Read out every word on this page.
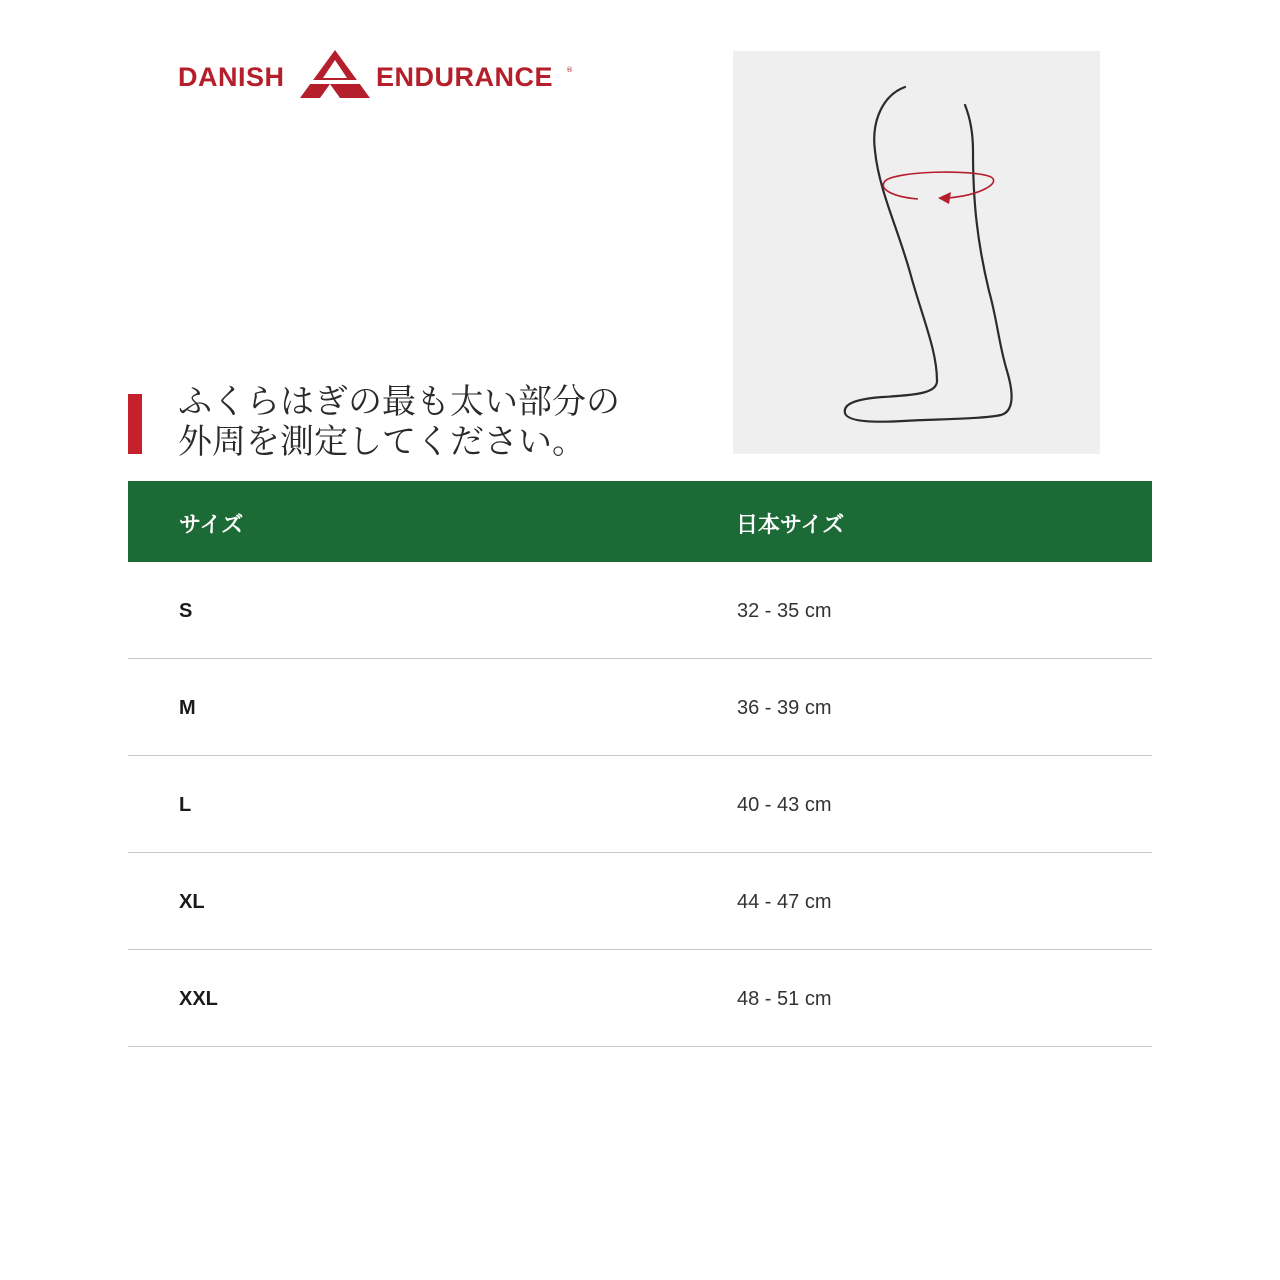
DANISH	ENDURANCE ®
ふくらはぎの最も太い部分の
外周を測定してください。
サイズ	日本サイズ
S	32 - 35 cm
M	36 - 39 cm
L	40 - 43 cm
XL	44 - 47 cm
XXL	48 - 51 cm
